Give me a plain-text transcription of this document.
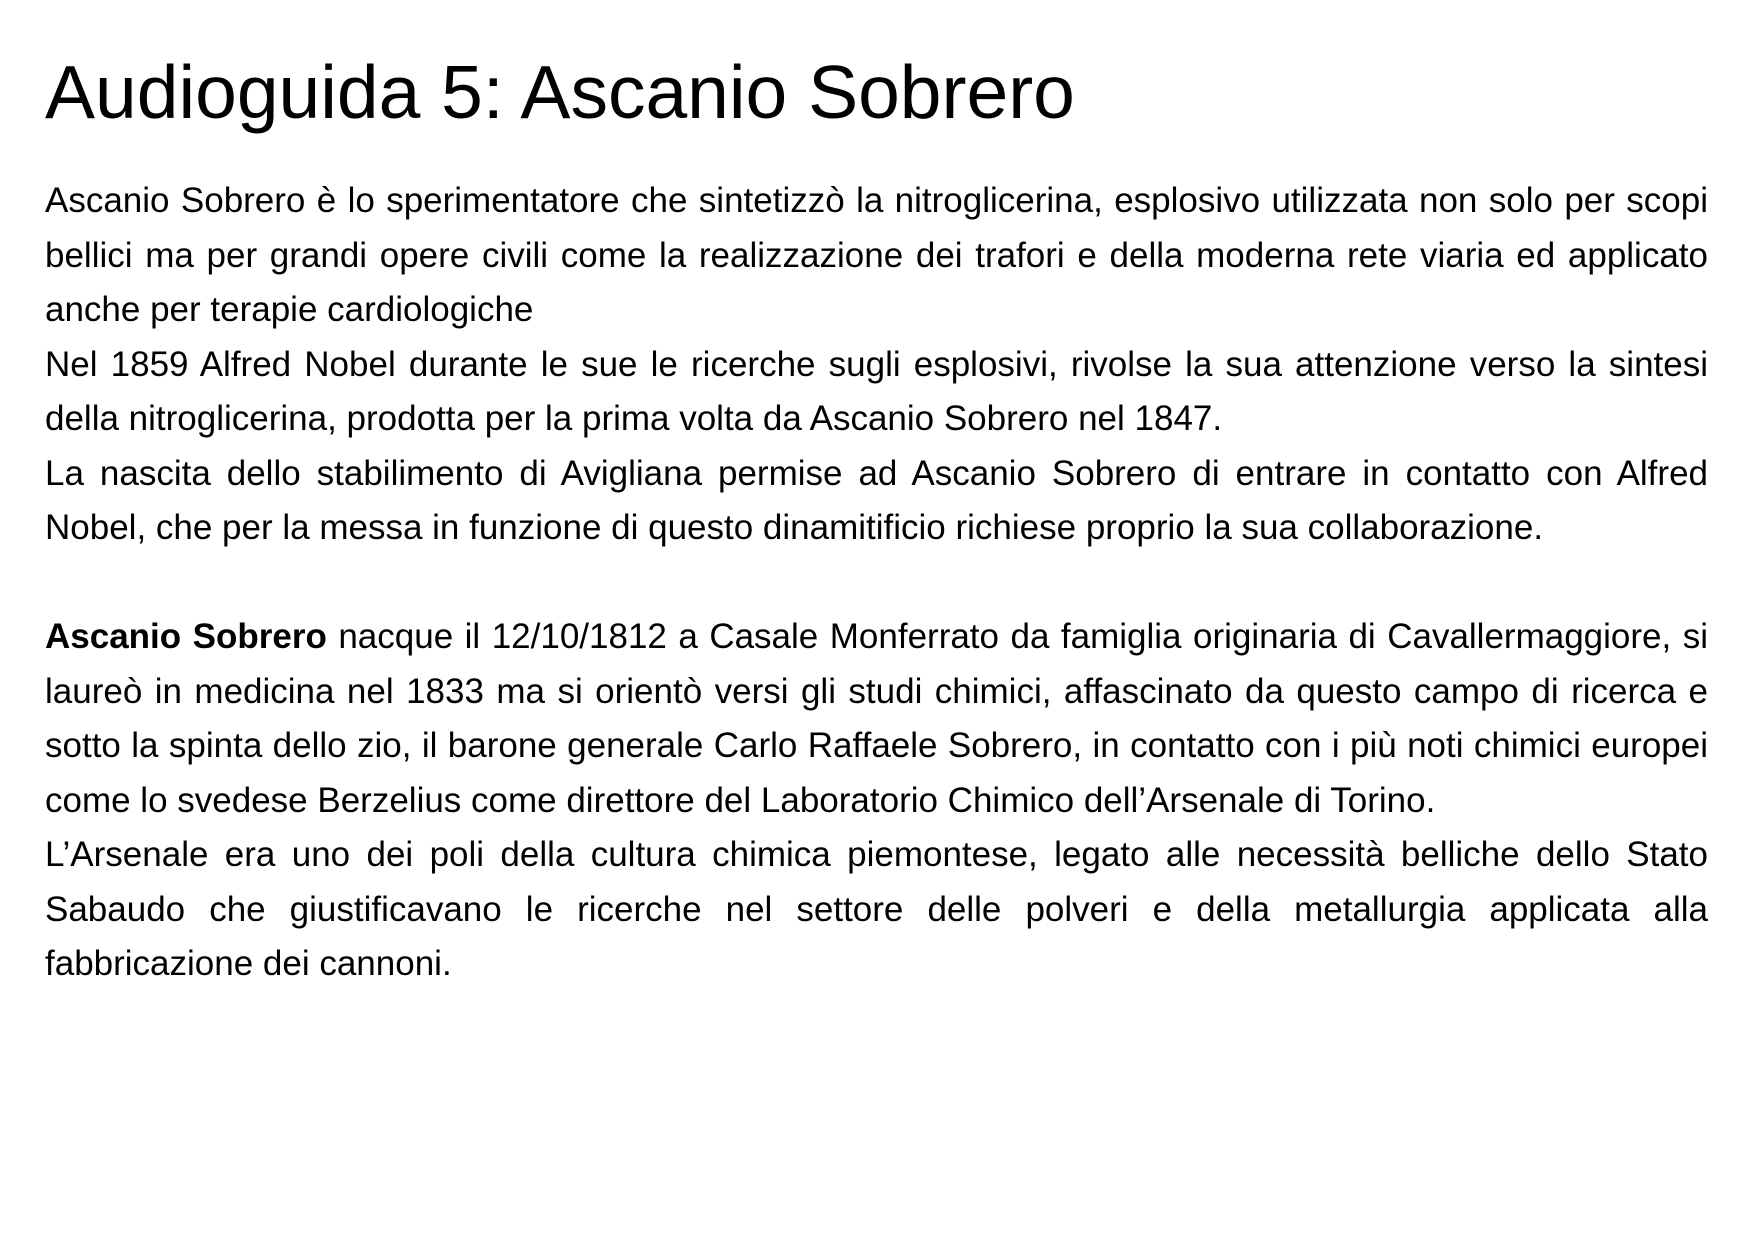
Audioguida 5: Ascanio Sobrero

Ascanio Sobrero è lo sperimentatore che sintetizzò la nitroglicerina, esplosivo utilizzata non solo per scopi bellici ma per grandi opere civili come la realizzazione dei trafori e della moderna rete viaria ed applicato anche per terapie cardiologiche

Nel 1859 Alfred Nobel durante le sue le ricerche sugli esplosivi, rivolse la sua attenzione verso la sintesi della nitroglicerina, prodotta per la prima volta da Ascanio Sobrero nel 1847.

La nascita dello stabilimento di Avigliana permise ad Ascanio Sobrero di entrare in contatto con Alfred Nobel, che per la messa in funzione di questo dinamitificio richiese proprio la sua collaborazione.

Ascanio Sobrero nacque il 12/10/1812 a Casale Monferrato da famiglia originaria di Cavallermaggiore, si laureò in medicina nel 1833 ma si orientò versi gli studi chimici, affascinato da questo campo di ricerca e sotto la spinta dello zio, il barone generale Carlo Raffaele Sobrero, in contatto con i più noti chimici europei come lo svedese Berzelius come direttore del Laboratorio Chimico dell’Arsenale di Torino.

L’Arsenale era uno dei poli della cultura chimica piemontese, legato alle necessità belliche dello Stato Sabaudo che giustificavano le ricerche nel settore delle polveri e della metallurgia applicata alla fabbricazione dei cannoni.
